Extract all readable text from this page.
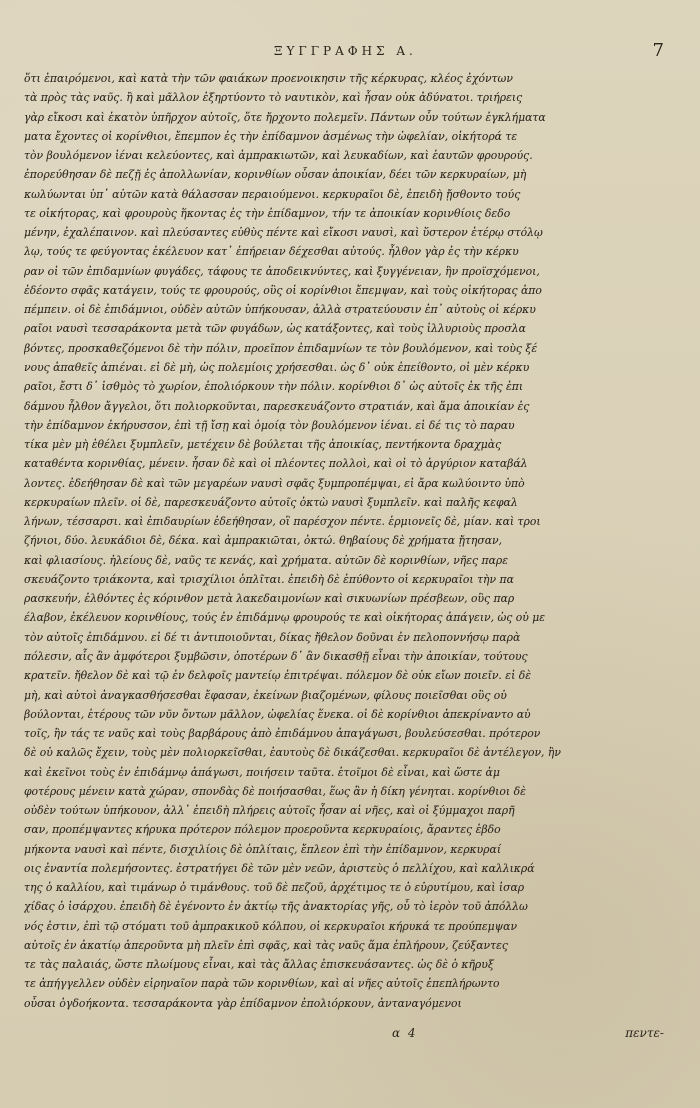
ΞΥΓΓΡΑΦΗΣ Α.	7
ὅτι ἐπαιρόμενοι, καὶ κατὰ τὴν τῶν φαιάκων προενοικησιν τῆς κέρκυρας, κλέος ἐχόντων
τὰ πρὸς τὰς ναῦς. ἢ καὶ μᾶλλον ἐξηρτύοντο τὸ ναυτικὸν, καὶ ἦσαν οὐκ ἀδύνατοι. τριήρεις
γὰρ εἴκοσι καὶ ἑκατὸν ὑπῆρχον αὐτοῖς, ὅτε ἤρχοντο πολεμεῖν. Πάντων οὖν τούτων ἐγκλήματα
ματα ἔχοντες οἱ κορίνθιοι, ἔπεμπον ἐς τὴν ἐπίδαμνον ἀσμένως τὴν ὠφελίαν, οἰκήτορά τε
τὸν βουλόμενον ἰέναι κελεύοντες, καὶ ἀμπρακιωτῶν, καὶ λευκαδίων, καὶ ἑαυτῶν φρουρούς.
ἐπορεύθησαν δὲ πεζῇ ἐς ἀπολλωνίαν, κορινθίων οὖσαν ἀποικίαν, δέει τῶν κερκυραίων, μὴ
κωλύωνται ὑπ᾽ αὐτῶν κατὰ θάλασσαν περαιούμενοι. κερκυραῖοι δὲ, ἐπειδὴ ᾔσθοντο τούς
τε οἰκήτορας, καὶ φρουροὺς ἥκοντας ἐς τὴν ἐπίδαμνον, τήν τε ἀποικίαν κορινθίοις δεδο
μένην, ἐχαλέπαινον. καὶ πλεύσαντες εὐθὺς πέντε καὶ εἴκοσι ναυσὶ, καὶ ὕστερον ἑτέρῳ στόλῳ
λῳ, τούς τε φεύγοντας ἐκέλευον κατ᾽ ἐπήρειαν δέχεσθαι αὐτούς. ἦλθον γὰρ ἐς τὴν κέρκυ
ραν οἱ τῶν ἐπιδαμνίων φυγάδες, τάφους τε ἀποδεικνύντες, καὶ ξυγγένειαν, ἣν προϊσχόμενοι,
ἐδέοντο σφᾶς κατάγειν, τούς τε φρουρούς, οὓς οἱ κορίνθιοι ἔπεμψαν, καὶ τοὺς οἰκήτορας ἀπο
πέμπειν. οἱ δὲ ἐπιδάμνιοι, οὐδὲν αὐτῶν ὑπήκουσαν, ἀλλὰ στρατεύουσιν ἐπ᾽ αὐτοὺς οἱ κέρκυ
ραῖοι ναυσὶ τεσσαράκοντα μετὰ τῶν φυγάδων, ὡς κατάξοντες, καὶ τοὺς ἰλλυριοὺς προσλα
βόντες, προσκαθεζόμενοι δὲ τὴν πόλιν, προεῖπον ἐπιδαμνίων τε τὸν βουλόμενον, καὶ τοὺς ξέ
νους ἀπαθεῖς ἀπιέναι. εἰ δὲ μὴ, ὡς πολεμίοις χρήσεσθαι. ὡς δ᾽ οὐκ ἐπείθοντο, οἱ μὲν κέρκυ
ραῖοι, ἔστι δ᾽ ἰσθμὸς τὸ χωρίον, ἐπολιόρκουν τὴν πόλιν. κορίνθιοι δ᾽ ὡς αὐτοῖς ἐκ τῆς ἐπι
δάμνου ἦλθον ἄγγελοι, ὅτι πολιορκοῦνται, παρεσκευάζοντο στρατιάν, καὶ ἅμα ἀποικίαν ἐς
τὴν ἐπίδαμνον ἐκήρυσσον, ἐπὶ τῇ ἴσῃ καὶ ὁμοίᾳ τὸν βουλόμενον ἰέναι. εἰ δέ τις τὸ παραυ
τίκα μὲν μὴ ἐθέλει ξυμπλεῖν, μετέχειν δὲ βούλεται τῆς ἀποικίας, πεντήκοντα δραχμὰς
καταθέντα κορινθίας, μένειν. ἦσαν δὲ καὶ οἱ πλέοντες πολλοὶ, καὶ οἱ τὸ ἀργύριον καταβάλ
λοντες. ἐδεήθησαν δὲ καὶ τῶν μεγαρέων ναυσὶ σφᾶς ξυμπροπέμψαι, εἰ ἄρα κωλύοιντο ὑπὸ
κερκυραίων πλεῖν. οἱ δὲ, παρεσκευάζοντο αὐτοῖς ὀκτὼ ναυσὶ ξυμπλεῖν. καὶ παλῆς κεφαλ
λήνων, τέσσαρσι. καὶ ἐπιδαυρίων ἐδεήθησαν, οἳ παρέσχον πέντε. ἑρμιονεῖς δὲ, μίαν. καὶ τροι
ζήνιοι, δύο. λευκάδιοι δὲ, δέκα. καὶ ἀμπρακιῶται, ὀκτώ. θηβαίους δὲ χρήματα ᾔτησαν,
καὶ φλιασίους. ἠλείους δὲ, ναῦς τε κενάς, καὶ χρήματα. αὐτῶν δὲ κορινθίων, νῆες παρε
σκευάζοντο τριάκοντα, καὶ τρισχίλιοι ὁπλῖται. ἐπειδὴ δὲ ἐπύθοντο οἱ κερκυραῖοι τὴν πα
ρασκευήν, ἐλθόντες ἐς κόρινθον μετὰ λακεδαιμονίων καὶ σικυωνίων πρέσβεων, οὓς παρ
έλαβον, ἐκέλευον κορινθίους, τούς ἐν ἐπιδάμνῳ φρουρούς τε καὶ οἰκήτορας ἀπάγειν, ὡς οὐ με
τὸν αὐτοῖς ἐπιδάμνου. εἰ δέ τι ἀντιποιοῦνται, δίκας ἤθελον δοῦναι ἐν πελοποννήσῳ παρὰ
πόλεσιν, αἷς ἂν ἀμφότεροι ξυμβῶσιν, ὁποτέρων δ᾽ ἂν δικασθῇ εἶναι τὴν ἀποικίαν, τούτους
κρατεῖν. ἤθελον δὲ καὶ τῷ ἐν δελφοῖς μαντείῳ ἐπιτρέψαι. πόλεμον δὲ οὐκ εἴων ποιεῖν. εἰ δὲ
μὴ, καὶ αὐτοὶ ἀναγκασθήσεσθαι ἔφασαν, ἐκείνων βιαζομένων, φίλους ποιεῖσθαι οὓς οὐ
βούλονται, ἑτέρους τῶν νῦν ὄντων μᾶλλον, ὠφελίας ἕνεκα. οἱ δὲ κορίνθιοι ἀπεκρίναντο αὐ
τοῖς, ἢν τάς τε ναῦς καὶ τοὺς βαρβάρους ἀπὸ ἐπιδάμνου ἀπαγάγωσι, βουλεύσεσθαι. πρότερον
δὲ οὐ καλῶς ἔχειν, τοὺς μὲν πολιορκεῖσθαι, ἑαυτοὺς δὲ δικάζεσθαι. κερκυραῖοι δὲ ἀντέλεγον, ἢν
καὶ ἐκεῖνοι τοὺς ἐν ἐπιδάμνῳ ἀπάγωσι, ποιήσειν ταῦτα. ἑτοῖμοι δὲ εἶναι, καὶ ὥστε ἀμ
φοτέρους μένειν κατὰ χώραν, σπονδὰς δὲ ποιήσασθαι, ἕως ἂν ἡ δίκη γένηται. κορίνθιοι δὲ
οὐδὲν τούτων ὑπήκουον, ἀλλ᾽ ἐπειδὴ πλήρεις αὐτοῖς ἦσαν αἱ νῆες, καὶ οἱ ξύμμαχοι παρῆ
σαν, προπέμψαντες κήρυκα πρότερον πόλεμον προεροῦντα κερκυραίοις, ἄραντες ἑβδο
μήκοντα ναυσὶ καὶ πέντε, δισχιλίοις δὲ ὁπλίταις, ἔπλεον ἐπὶ τὴν ἐπίδαμνον, κερκυραί
οις ἐναντία πολεμήσοντες. ἐστρατήγει δὲ τῶν μὲν νεῶν, ἀριστεὺς ὁ πελλίχου, καὶ καλλικρά
της ὁ καλλίου, καὶ τιμάνωρ ὁ τιμάνθους. τοῦ δὲ πεζοῦ, ἀρχέτιμος τε ὁ εὐρυτίμου, καὶ ἰσαρ
χίδας ὁ ἰσάρχου. ἐπειδὴ δὲ ἐγένοντο ἐν ἀκτίῳ τῆς ἀνακτορίας γῆς, οὗ τὸ ἱερὸν τοῦ ἀπόλλω
νός ἐστιν, ἐπὶ τῷ στόματι τοῦ ἀμπρακικοῦ κόλπου, οἱ κερκυραῖοι κήρυκά τε προύπεμψαν
αὐτοῖς ἐν ἀκατίῳ ἀπεροῦντα μὴ πλεῖν ἐπὶ σφᾶς, καὶ τὰς ναῦς ἅμα ἐπλήρουν, ζεύξαντες
τε τὰς παλαιάς, ὥστε πλωίμους εἶναι, καὶ τὰς ἄλλας ἐπισκευάσαντες. ὡς δὲ ὁ κῆρυξ
τε ἀπήγγελλεν οὐδὲν εἰρηναῖον παρὰ τῶν κορινθίων, καὶ αἱ νῆες αὐτοῖς ἐπεπλήρωντο
οὖσαι ὀγδοήκοντα. τεσσαράκοντα γὰρ ἐπίδαμνον ἐπολιόρκουν, ἀνταναγόμενοι
α 4	πεντε-
